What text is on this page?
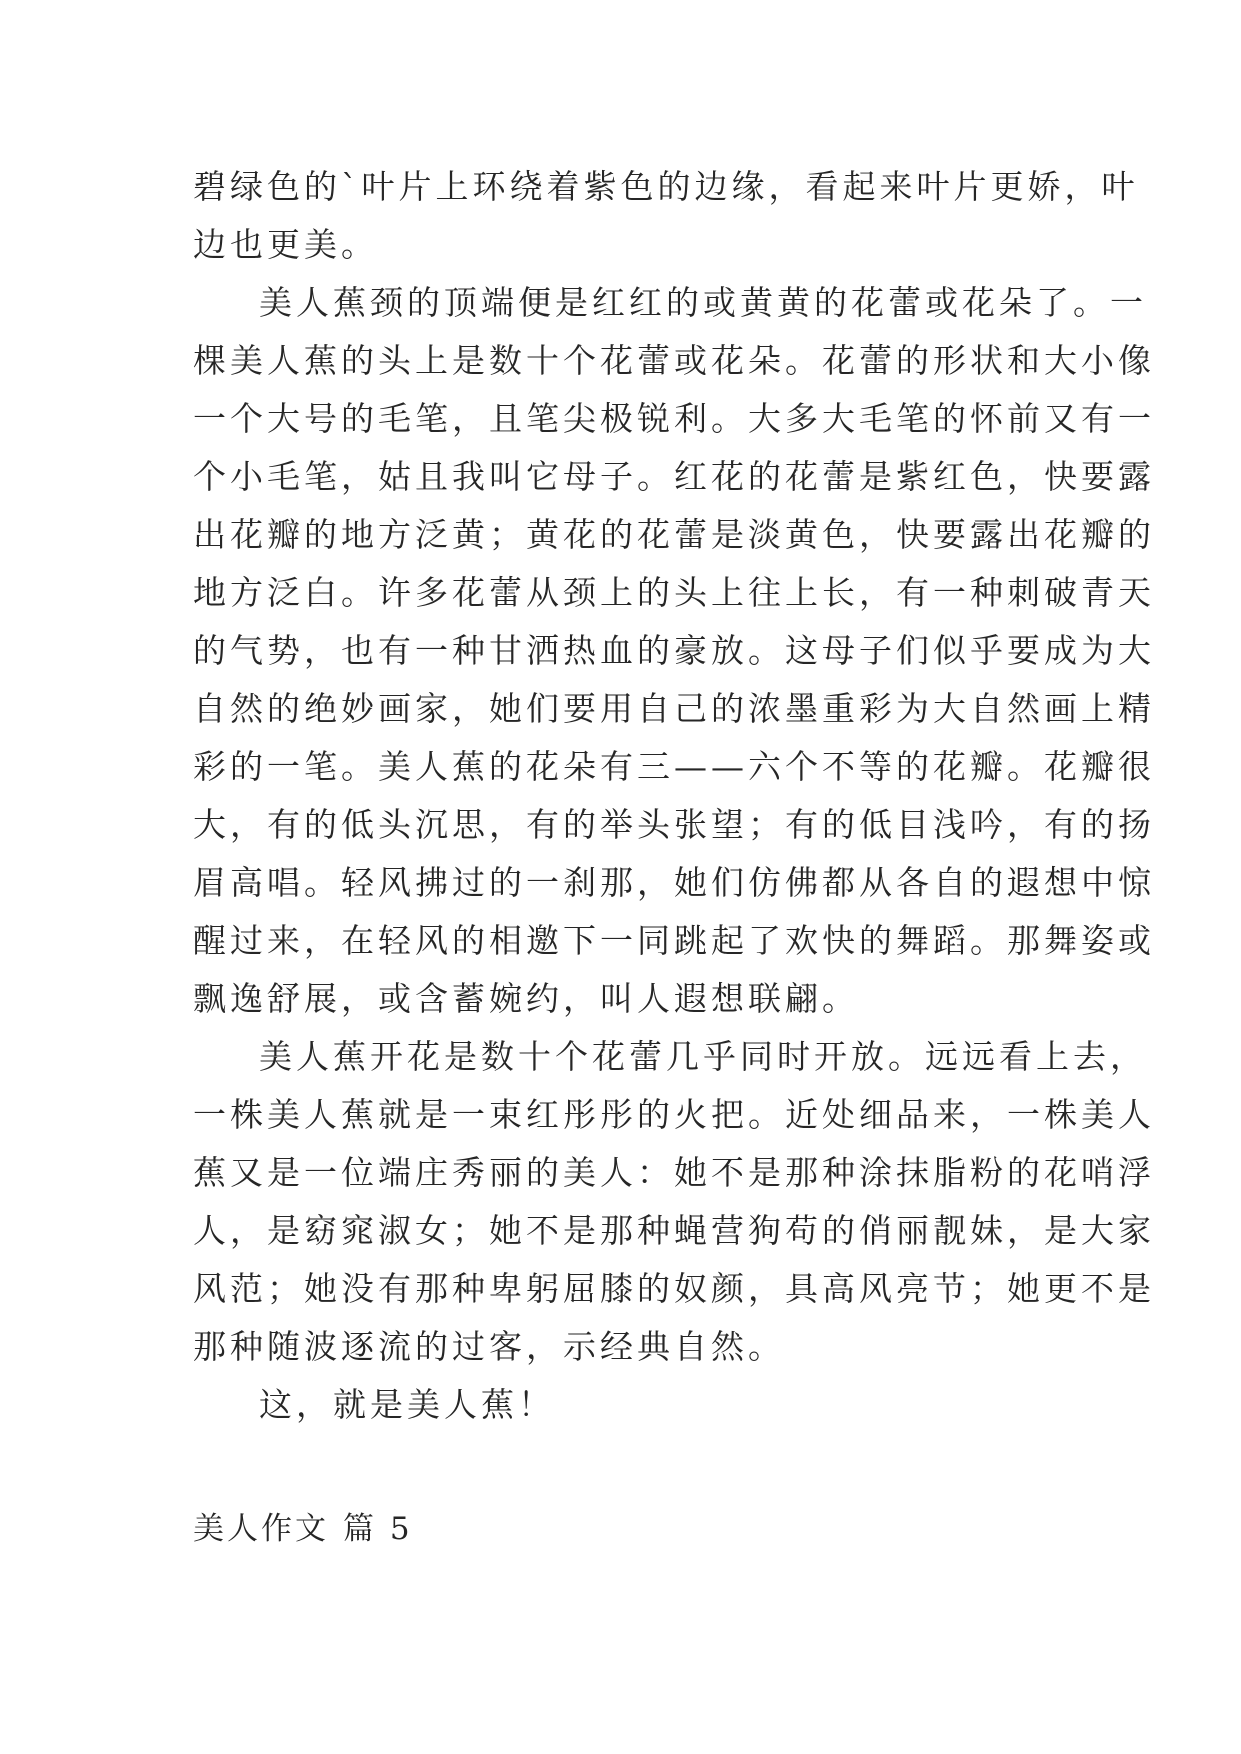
碧绿色的`叶片上环绕着紫色的边缘，看起来叶片更娇，叶
边也更美。
美人蕉颈的顶端便是红红的或黄黄的花蕾或花朵了。一
棵美人蕉的头上是数十个花蕾或花朵。花蕾的形状和大小像
一个大号的毛笔，且笔尖极锐利。大多大毛笔的怀前又有一
个小毛笔，姑且我叫它母子。红花的花蕾是紫红色，快要露
出花瓣的地方泛黄；黄花的花蕾是淡黄色，快要露出花瓣的
地方泛白。许多花蕾从颈上的头上往上长，有一种刺破青天
的气势，也有一种甘洒热血的豪放。这母子们似乎要成为大
自然的绝妙画家，她们要用自己的浓墨重彩为大自然画上精
彩的一笔。美人蕉的花朵有三——六个不等的花瓣。花瓣很
大，有的低头沉思，有的举头张望；有的低目浅吟，有的扬
眉高唱。轻风拂过的一刹那，她们仿佛都从各自的遐想中惊
醒过来，在轻风的相邀下一同跳起了欢快的舞蹈。那舞姿或
飘逸舒展，或含蓄婉约，叫人遐想联翩。
美人蕉开花是数十个花蕾几乎同时开放。远远看上去，
一株美人蕉就是一束红彤彤的火把。近处细品来，一株美人
蕉又是一位端庄秀丽的美人：她不是那种涂抹脂粉的花哨浮
人，是窈窕淑女；她不是那种蝇营狗苟的俏丽靓妹，是大家
风范；她没有那种卑躬屈膝的奴颜，具高风亮节；她更不是
那种随波逐流的过客，示经典自然。
这，就是美人蕉！
美人作文 篇 5
